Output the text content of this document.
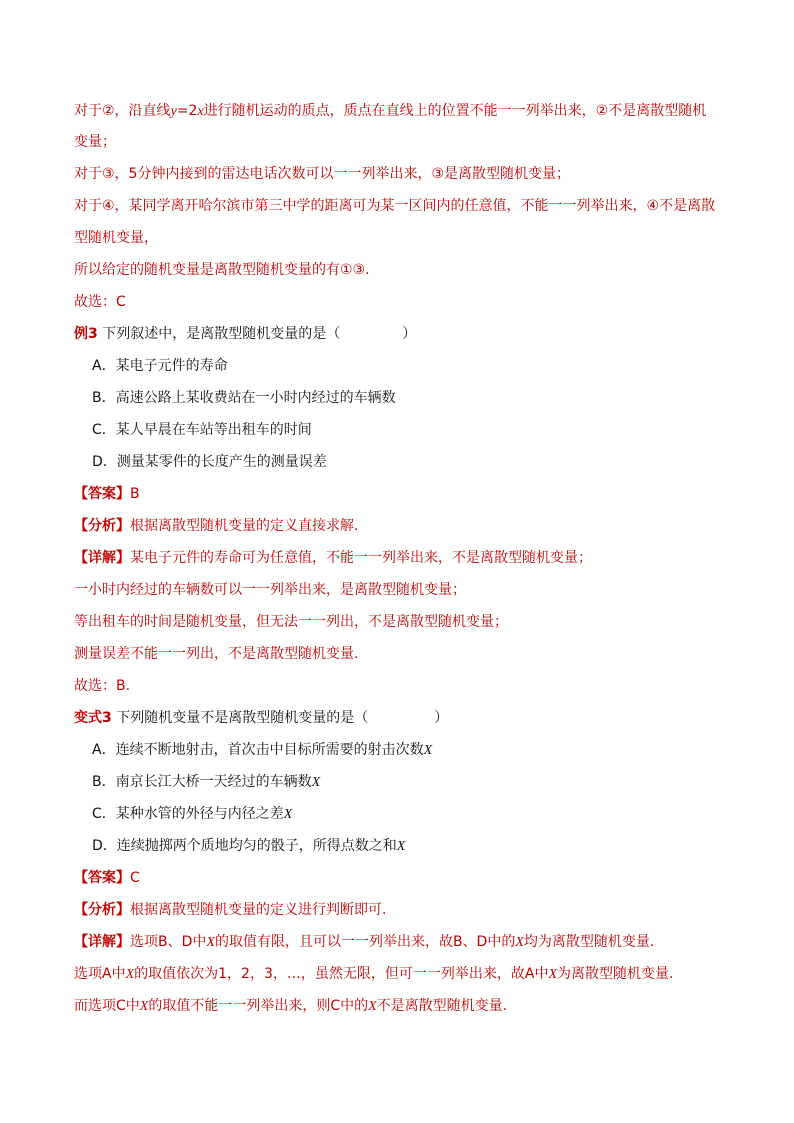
对于②，沿直线y=2x进行随机运动的质点，质点在直线上的位置不能一一列举出来，②不是离散型随机
变量；
对于③，5分钟内接到的雷达电话次数可以一一列举出来，③是离散型随机变量；
对于④，某同学离开哈尔滨市第三中学的距离可为某一区间内的任意值，不能一一列举出来，④不是离散
型随机变量，
所以给定的随机变量是离散型随机变量的有①③.
故选：C
例3 下列叙述中，是离散型随机变量的是（	）
A．某电子元件的寿命
B．高速公路上某收费站在一小时内经过的车辆数
C．某人早晨在车站等出租车的时间
D．测量某零件的长度产生的测量误差
【答案】B
【分析】根据离散型随机变量的定义直接求解.
【详解】某电子元件的寿命可为任意值，不能一一列举出来，不是离散型随机变量；
一小时内经过的车辆数可以一一列举出来，是离散型随机变量；
等出租车的时间是随机变量，但无法一一列出，不是离散型随机变量；
测量误差不能一一列出，不是离散型随机变量.
故选：B.
变式3 下列随机变量不是离散型随机变量的是（	）
A．连续不断地射击，首次击中目标所需要的射击次数X
B．南京长江大桥一天经过的车辆数X
C．某种水管的外径与内径之差X
D．连续抛掷两个质地均匀的骰子，所得点数之和X
【答案】C
【分析】根据离散型随机变量的定义进行判断即可.
【详解】选项B、D中X的取值有限，且可以一一列举出来，故B、D中的X均为离散型随机变量.
选项A中X的取值依次为1，2，3，…，虽然无限，但可一一列举出来，故A中X为离散型随机变量.
而选项C中X的取值不能一一列举出来，则C中的X不是离散型随机变量.
